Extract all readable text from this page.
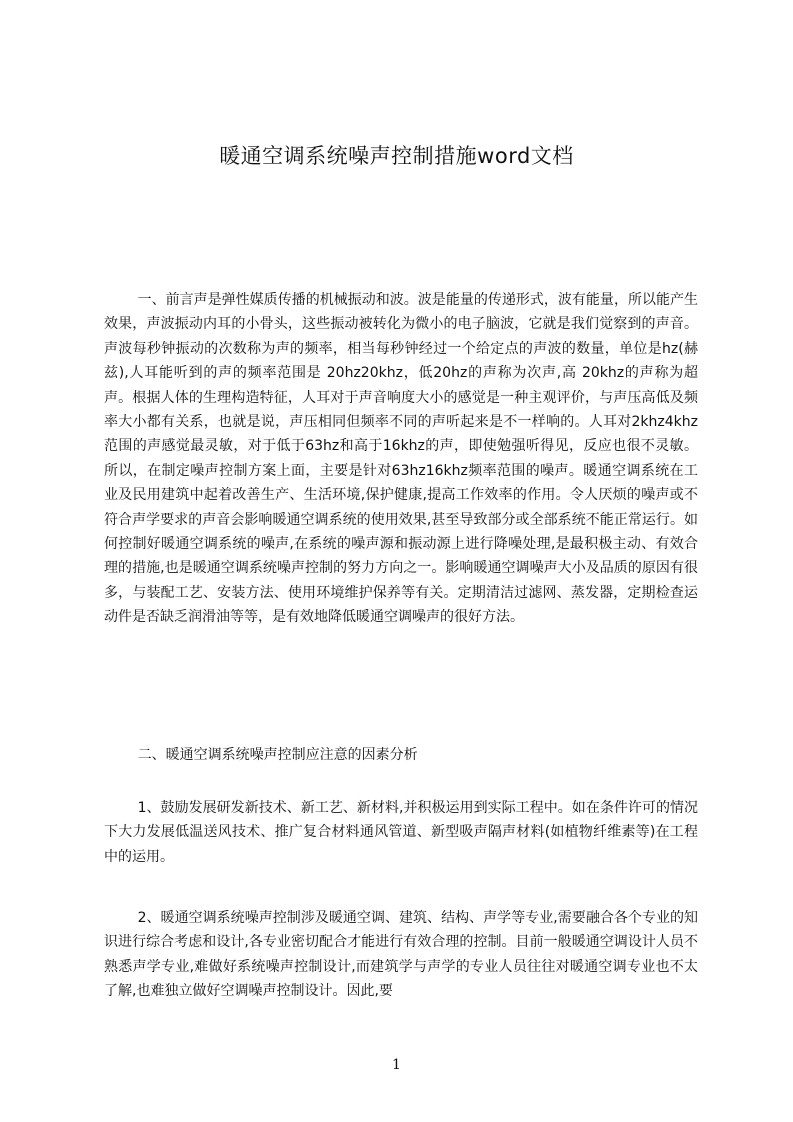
暖通空调系统噪声控制措施word文档

一、前言声是弹性媒质传播的机械振动和波。波是能量的传递形式，波有能量，所以能产生效果，声波振动内耳的小骨头，这些振动被转化为微小的电子脑波，它就是我们觉察到的声音。声波每秒钟振动的次数称为声的频率，相当每秒钟经过一个给定点的声波的数量，单位是hz(赫兹),人耳能听到的声的频率范围是 20hz20khz，低20hz的声称为次声,高 20khz的声称为超声。根据人体的生理构造特征，人耳对于声音响度大小的感觉是一种主观评价，与声压高低及频率大小都有关系，也就是说，声压相同但频率不同的声听起来是不一样响的。人耳对2khz4khz范围的声感觉最灵敏，对于低于63hz和高于16khz的声，即使勉强听得见，反应也很不灵敏。所以，在制定噪声控制方案上面，主要是针对63hz16khz频率范围的噪声。暖通空调系统在工业及民用建筑中起着改善生产、生活环境,保护健康,提高工作效率的作用。令人厌烦的噪声或不符合声学要求的声音会影响暖通空调系统的使用效果,甚至导致部分或全部系统不能正常运行。如何控制好暖通空调系统的噪声,在系统的噪声源和振动源上进行降噪处理,是最积极主动、有效合理的措施,也是暖通空调系统噪声控制的努力方向之一。影响暖通空调噪声大小及品质的原因有很多，与装配工艺、安装方法、使用环境维护保养等有关。定期清洁过滤网、蒸发器，定期检查运动件是否缺乏润滑油等等，是有效地降低暖通空调噪声的很好方法。

二、暖通空调系统噪声控制应注意的因素分析

1、鼓励发展研发新技术、新工艺、新材料,并积极运用到实际工程中。如在条件许可的情况下大力发展低温送风技术、推广复合材料通风管道、新型吸声隔声材料(如植物纤维素等)在工程中的运用。

2、暖通空调系统噪声控制涉及暖通空调、建筑、结构、声学等专业,需要融合各个专业的知识进行综合考虑和设计,各专业密切配合才能进行有效合理的控制。目前一般暖通空调设计人员不熟悉声学专业,难做好系统噪声控制设计,而建筑学与声学的专业人员往往对暖通空调专业也不太了解,也难独立做好空调噪声控制设计。因此,要

1
